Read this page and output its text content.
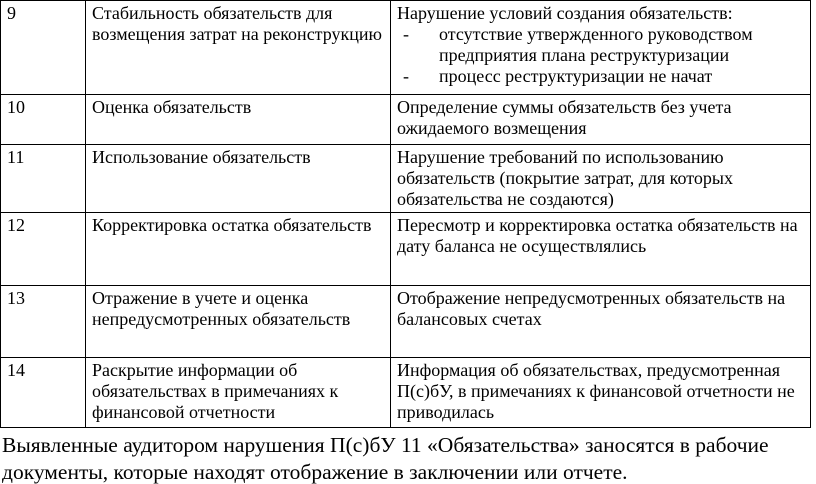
9	Стабильность обязательств для возмещения затрат на реконструкцию	Нарушение условий создания обязательств:
- отсутствие утвержденного руководством предприятия плана реструктуризации
- процесс реструктуризации не начат

10	Оценка обязательств	Определение суммы обязательств без учета ожидаемого возмещения
11	Использование обязательств	Нарушение требований по использованию обязательств (покрытие затрат, для которых обязательства не создаются)
12	Корректировка остатка обязательств	Пересмотр и корректировка остатка обязательств на дату баланса не осуществлялись
13	Отражение в учете и оценка непредусмотренных обязательств	Отображение непредусмотренных обязательств на балансовых счетах
14	Раскрытие информации об обязательствах в примечаниях к финансовой отчетности	Информация об обязательствах, предусмотренная П(с)бУ, в примечаниях к финансовой отчетности не приводилась
Выявленные аудитором нарушения П(с)бУ 11 «Обязательства» заносятся в рабочие документы, которые находят отображение в заключении или отчете.
